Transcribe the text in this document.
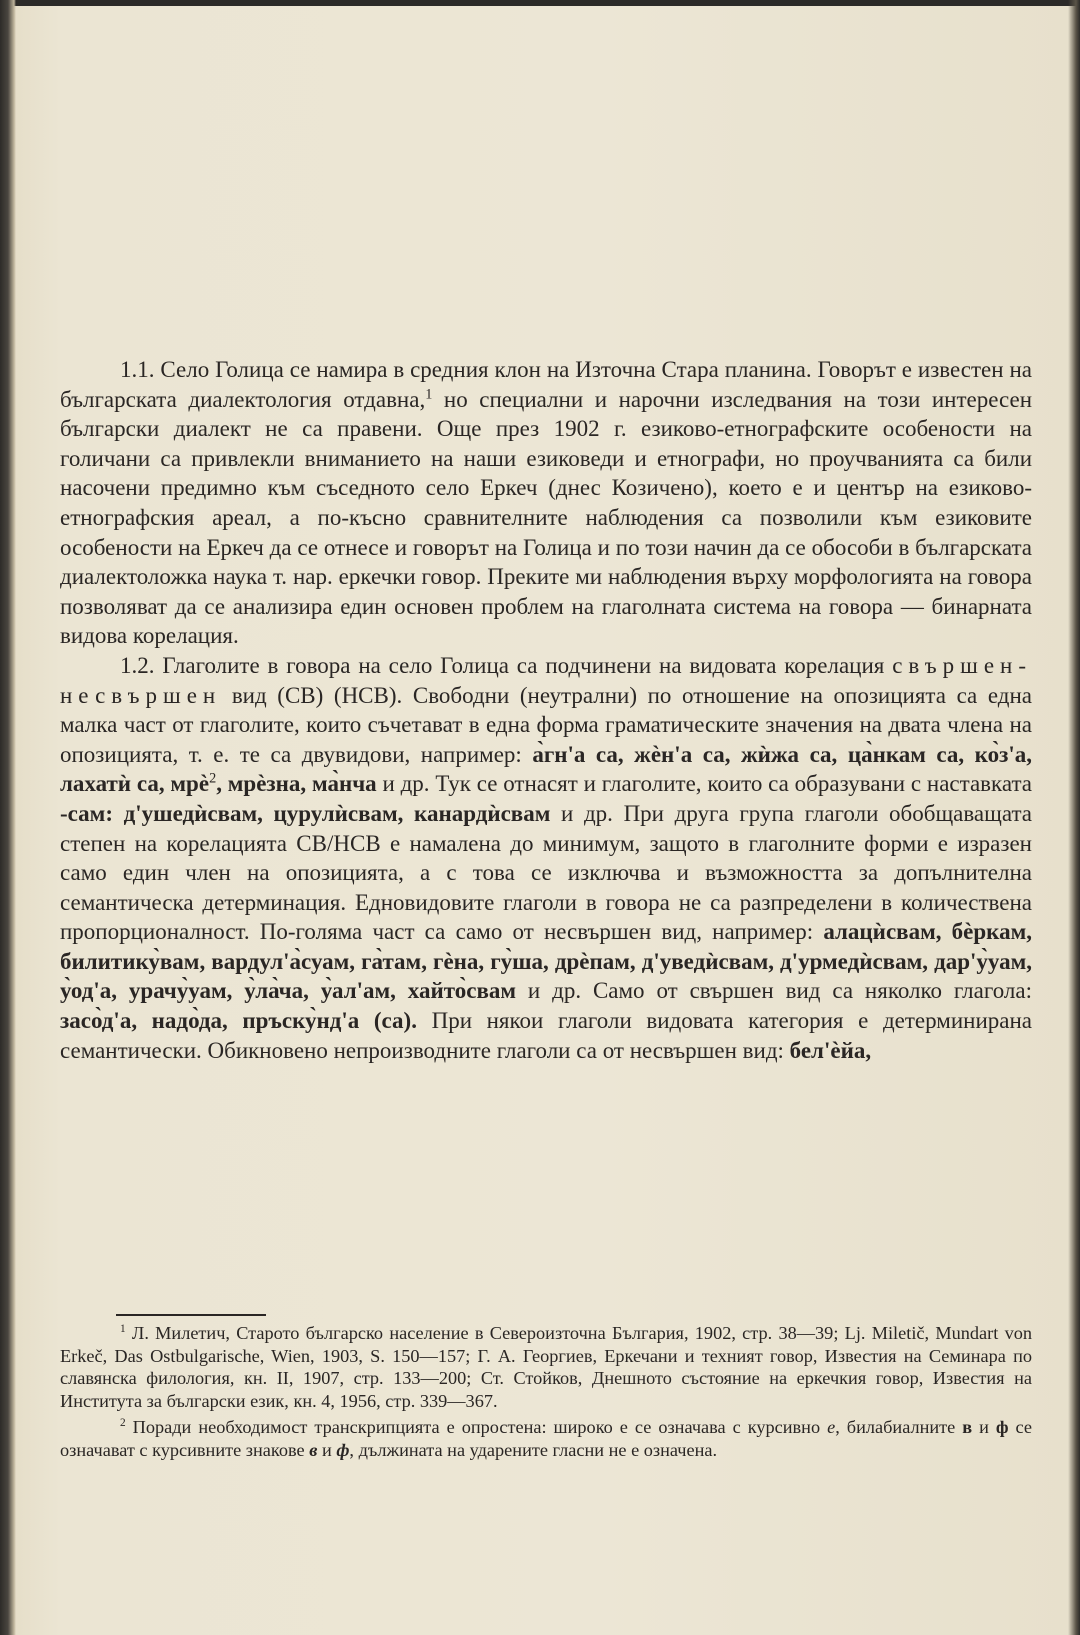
1.1. Село Голица се намира в средния клон на Източна Стара планина. Говорът е известен на българската диалектология отдавна,$^1$ но специални и нарочни изследвания на този интересен български диалект не са правени. Още през 1902 г. езиково-етнографските особености на голичани са привлекли вниманието на наши езиковеди и етнографи, но проучванията са били насочени предимно към съседното село Еркеч (днес Козичено), което е и център на езиково-етнографския ареал, а по-късно сравнителните наблюдения са позволили към езиковите особености на Еркеч да се отнесе и говорът на Голица и по този начин да се обособи в българската диалектоложка наука т. нар. еркечки говор. Преките ми наблюдения върху морфологията на говора позволяват да се анализира един основен проблем на глаголната система на говора — бинарната видова корелация.

1.2. Глаголите в говора на село Голица са подчинени на видовата корелация свършен-несвършен вид (СВ) (НСВ). Свободни (неутрални) по отношение на опозицията са една малка част от глаголите, които съчетават в една форма граматическите значения на двата члена на опозицията, т. е. те са двувидови, например: а̀гн'а са, жѐн'а са, жѝжа са, ца̀нкам са, ко̀з'а, лахатѝ са, мрѐ$^2$, мрѐзна, ма̀нча и др. Тук се отнасят и глаголите, които са образувани с наставката -сам: д'ушедѝсвам, цурулѝсвам, канардѝсвам и др. При друга група глаголи обобщаващата степен на корелацията СВ/НСВ е намалена до минимум, защото в глаголните форми е изразен само един член на опозицията, а с това се изключва и възможността за допълнителна семантическа детерминация. Едновидовите глаголи в говора не са разпределени в количествена пропорционалност. По-голяма част са само от несвършен вид, например: алацѝсвам, бѐркам, билитику̀вам, вардул'а̀суам, га̀там, гѐна, гу̀ша, дрѐпам, д'уведѝсвам, д'урмедѝсвам, дар'у̀уам, у̀од'а, урачу̀уам, у̀ла̀ча, у̀ал'ам, хайто̀свам и др. Само от свършен вид са няколко глагола: засо̀д'а, надо̀да, пръску̀нд'а (са). При някои глаголи видовата категория е детерминирана семантически. Обикновено непроизводните глаголи са от несвършен вид: бел'ѐйа,

$^1$ Л. Милетич, Старото българско население в Североизточна България, 1902, стр. 38—39; Lj. Miletič, Mundart von Erkeč, Das Ostbulgarische, Wien, 1903, S. 150—157; Г. А. Георгиев, Еркечани и техният говор, Известия на Семинара по славянска филология, кн. II, 1907, стр. 133—200; Ст. Стойков, Днешното състояние на еркечкия говор, Известия на Института за български език, кн. 4, 1956, стр. 339—367.

$^2$ Поради необходимост транскрипцията е опростена: широко е се означава с курсивно е, билабиалните в и ф се означават с курсивните знакове в и ф, дължината на ударените гласни не е означена.
